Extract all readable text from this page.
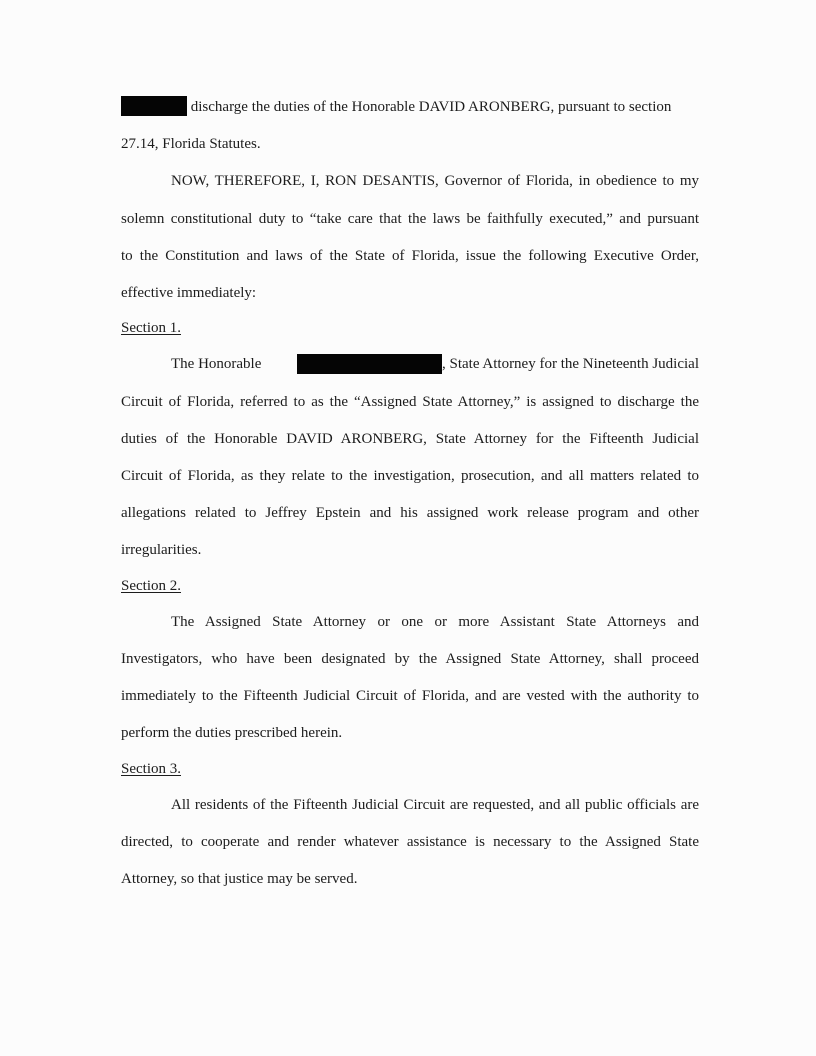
discharge the duties of the Honorable DAVID ARONBERG, pursuant to section
27.14, Florida Statutes.
NOW, THEREFORE, I, RON DESANTIS, Governor of Florida, in obedience to my
solemn constitutional duty to “take care that the laws be faithfully executed,” and pursuant
to the Constitution and laws of the State of Florida, issue the following Executive Order,
effective immediately:
Section 1.
The Honorable	, State Attorney for the Nineteenth Judicial
Circuit of Florida, referred to as the “Assigned State Attorney,” is assigned to discharge the
duties of the Honorable DAVID ARONBERG, State Attorney for the Fifteenth Judicial
Circuit of Florida, as they relate to the investigation, prosecution, and all matters related to
allegations related to Jeffrey Epstein and his assigned work release program and other
irregularities.
Section 2.
The Assigned State Attorney or one or more Assistant State Attorneys and
Investigators, who have been designated by the Assigned State Attorney, shall proceed
immediately to the Fifteenth Judicial Circuit of Florida, and are vested with the authority to
perform the duties prescribed herein.
Section 3.
All residents of the Fifteenth Judicial Circuit are requested, and all public officials are
directed, to cooperate and render whatever assistance is necessary to the Assigned State
Attorney, so that justice may be served.
